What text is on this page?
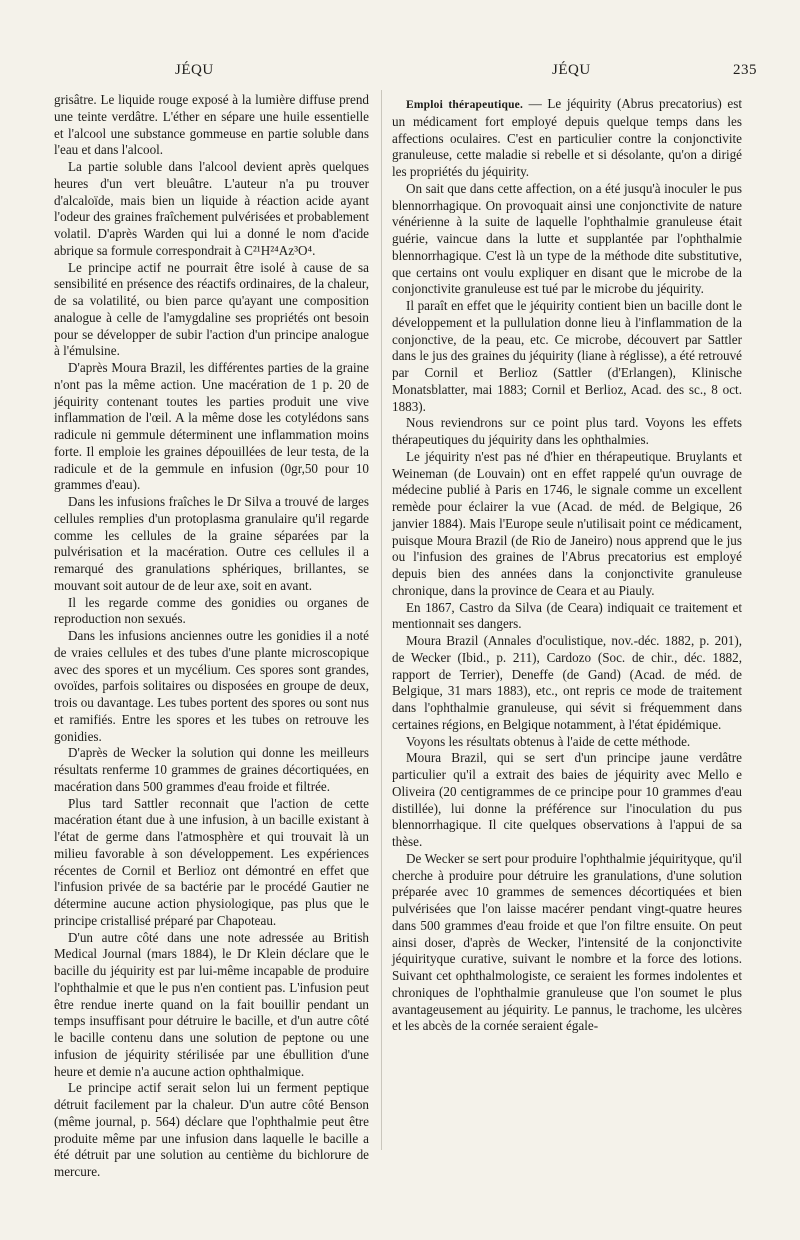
JÉQU	JÉQU	235

grisâtre. Le liquide rouge exposé à la lumière diffuse prend une teinte verdâtre. L'éther en sépare une huile essentielle et l'alcool une substance gommeuse en partie soluble dans l'eau et dans l'alcool.

La partie soluble dans l'alcool devient après quelques heures d'un vert bleuâtre. L'auteur n'a pu trouver d'alcaloïde, mais bien un liquide à réaction acide ayant l'odeur des graines fraîchement pulvérisées et probablement volatil. D'après Warden qui lui a donné le nom d'acide abrique sa formule correspondrait à C²¹H²⁴Az³O⁴.

Le principe actif ne pourrait être isolé à cause de sa sensibilité en présence des réactifs ordinaires, de la chaleur, de sa volatilité, ou bien parce qu'ayant une composition analogue à celle de l'amygdaline ses propriétés ont besoin pour se développer de subir l'action d'un principe analogue à l'émulsine.

D'après Moura Brazil, les différentes parties de la graine n'ont pas la même action. Une macération de 1 p. 20 de jéquirity contenant toutes les parties produit une vive inflammation de l'œil. A la même dose les cotylédons sans radicule ni gemmule déterminent une inflammation moins forte. Il emploie les graines dépouillées de leur testa, de la radicule et de la gemmule en infusion (0gr,50 pour 10 grammes d'eau).

Dans les infusions fraîches le Dr Silva a trouvé de larges cellules remplies d'un protoplasma granulaire qu'il regarde comme les cellules de la graine séparées par la pulvérisation et la macération. Outre ces cellules il a remarqué des granulations sphériques, brillantes, se mouvant soit autour de de leur axe, soit en avant.

Il les regarde comme des gonidies ou organes de reproduction non sexués.

Dans les infusions anciennes outre les gonidies il a noté de vraies cellules et des tubes d'une plante microscopique avec des spores et un mycélium. Ces spores sont grandes, ovoïdes, parfois solitaires ou disposées en groupe de deux, trois ou davantage. Les tubes portent des spores ou sont nus et ramifiés. Entre les spores et les tubes on retrouve les gonidies.

D'après de Wecker la solution qui donne les meilleurs résultats renferme 10 grammes de graines décortiquées, en macération dans 500 grammes d'eau froide et filtrée.

Plus tard Sattler reconnait que l'action de cette macération étant due à une infusion, à un bacille existant à l'état de germe dans l'atmosphère et qui trouvait là un milieu favorable à son développement. Les expériences récentes de Cornil et Berlioz ont démontré en effet que l'infusion privée de sa bactérie par le procédé Gautier ne détermine aucune action physiologique, pas plus que le principe cristallisé préparé par Chapoteau.

D'un autre côté dans une note adressée au British Medical Journal (mars 1884), le Dr Klein déclare que le bacille du jéquirity est par lui-même incapable de produire l'ophthalmie et que le pus n'en contient pas. L'infusion peut être rendue inerte quand on la fait bouillir pendant un temps insuffisant pour détruire le bacille, et d'un autre côté le bacille contenu dans une solution de peptone ou une infusion de jéquirity stérilisée par une ébullition d'une heure et demie n'a aucune action ophthalmique.

Le principe actif serait selon lui un ferment peptique détruit facilement par la chaleur. D'un autre côté Benson (même journal, p. 564) déclare que l'ophthalmie peut être produite même par une infusion dans laquelle le bacille a été détruit par une solution au centième du bichlorure de mercure.

Emploi thérapeutique. — Le jéquirity (Abrus precatorius) est un médicament fort employé depuis quelque temps dans les affections oculaires. C'est en particulier contre la conjonctivite granuleuse, cette maladie si rebelle et si désolante, qu'on a dirigé les propriétés du jéquirity.

On sait que dans cette affection, on a été jusqu'à inoculer le pus blennorrhagique. On provoquait ainsi une conjonctivite de nature vénérienne à la suite de laquelle l'ophthalmie granuleuse était guérie, vaincue dans la lutte et supplantée par l'ophthalmie blennorrhagique. C'est là un type de la méthode dite substitutive, que certains ont voulu expliquer en disant que le microbe de la conjonctivite granuleuse est tué par le microbe du jéquirity.

Il paraît en effet que le jéquirity contient bien un bacille dont le développement et la pullulation donne lieu à l'inflammation de la conjonctive, de la peau, etc. Ce microbe, découvert par Sattler dans le jus des graines du jéquirity (liane à réglisse), a été retrouvé par Cornil et Berlioz (Sattler (d'Erlangen), Klinische Monatsblatter, mai 1883; Cornil et Berlioz, Acad. des sc., 8 oct. 1883).

Nous reviendrons sur ce point plus tard. Voyons les effets thérapeutiques du jéquirity dans les ophthalmies.

Le jéquirity n'est pas né d'hier en thérapeutique. Bruylants et Weineman (de Louvain) ont en effet rappelé qu'un ouvrage de médecine publié à Paris en 1746, le signale comme un excellent remède pour éclairer la vue (Acad. de méd. de Belgique, 26 janvier 1884). Mais l'Europe seule n'utilisait point ce médicament, puisque Moura Brazil (de Rio de Janeiro) nous apprend que le jus ou l'infusion des graines de l'Abrus precatorius est employé depuis bien des années dans la conjonctivite granuleuse chronique, dans la province de Ceara et au Piauly.

En 1867, Castro da Silva (de Ceara) indiquait ce traitement et mentionnait ses dangers.

Moura Brazil (Annales d'oculistique, nov.-déc. 1882, p. 201), de Wecker (Ibid., p. 211), Cardozo (Soc. de chir., déc. 1882, rapport de Terrier), Deneffe (de Gand) (Acad. de méd. de Belgique, 31 mars 1883), etc., ont repris ce mode de traitement dans l'ophthalmie granuleuse, qui sévit si fréquemment dans certaines régions, en Belgique notamment, à l'état épidémique.

Voyons les résultats obtenus à l'aide de cette méthode.

Moura Brazil, qui se sert d'un principe jaune verdâtre particulier qu'il a extrait des baies de jéquirity avec Mello e Oliveira (20 centigrammes de ce principe pour 10 grammes d'eau distillée), lui donne la préférence sur l'inoculation du pus blennorrhagique. Il cite quelques observations à l'appui de sa thèse.

De Wecker se sert pour produire l'ophthalmie jéquirityque, qu'il cherche à produire pour détruire les granulations, d'une solution préparée avec 10 grammes de semences décortiquées et bien pulvérisées que l'on laisse macérer pendant vingt-quatre heures dans 500 grammes d'eau froide et que l'on filtre ensuite. On peut ainsi doser, d'après de Wecker, l'intensité de la conjonctivite jéquirityque curative, suivant le nombre et la force des lotions. Suivant cet ophthalmologiste, ce seraient les formes indolentes et chroniques de l'ophthalmie granuleuse que l'on soumet le plus avantageusement au jéquirity. Le pannus, le trachome, les ulcères et les abcès de la cornée seraient égale-
